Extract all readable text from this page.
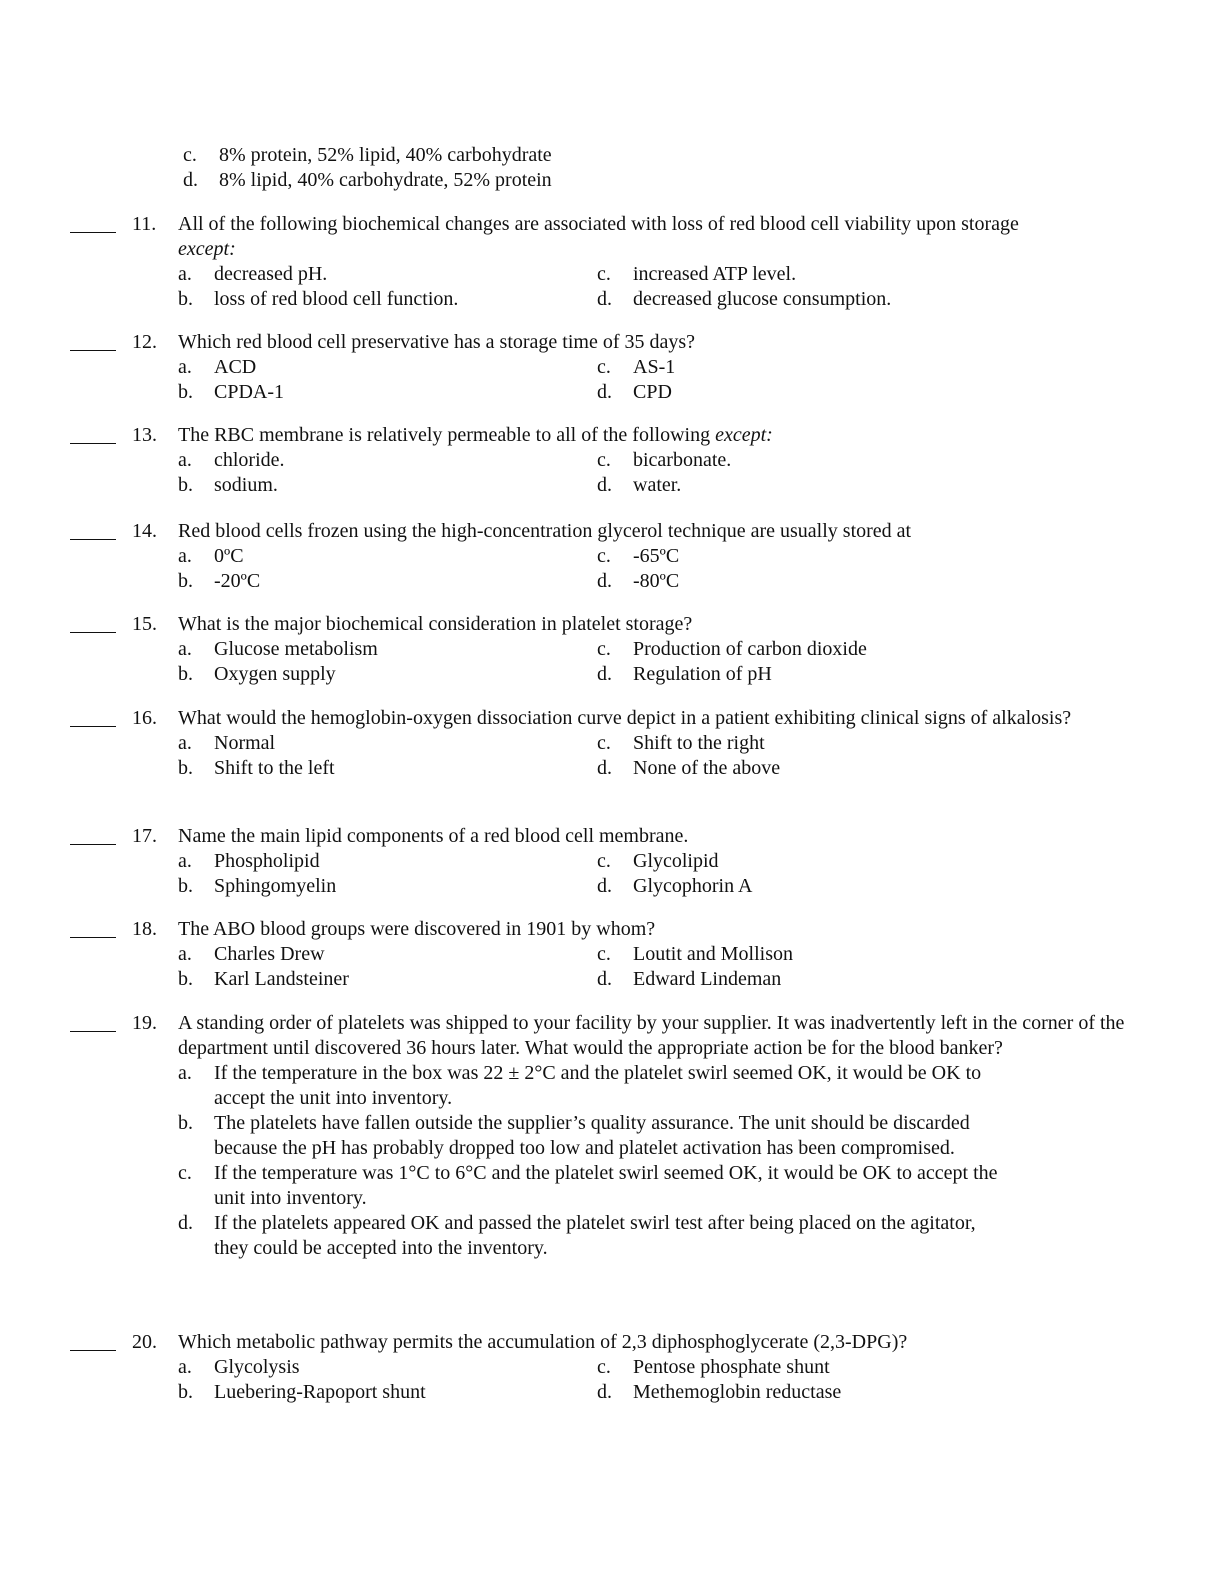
c. 8% protein, 52% lipid, 40% carbohydrate
d. 8% lipid, 40% carbohydrate, 52% protein
11. All of the following biochemical changes are associated with loss of red blood cell viability upon storage
except:
a. decreased pH.
b. loss of red blood cell function.
c. increased ATP level.
d. decreased glucose consumption.
12. Which red blood cell preservative has a storage time of 35 days?
a. ACD
b. CPDA-1
c. AS-1
d. CPD
13. The RBC membrane is relatively permeable to all of the following except:
a. chloride.
b. sodium.
c. bicarbonate.
d. water.
14. Red blood cells frozen using the high-concentration glycerol technique are usually stored at
a. 0ºC
b. -20ºC
c. -65ºC
d. -80ºC
15. What is the major biochemical consideration in platelet storage?
a. Glucose metabolism
b. Oxygen supply
c. Production of carbon dioxide
d. Regulation of pH
16. What would the hemoglobin-oxygen dissociation curve depict in a patient exhibiting clinical signs of alkalosis?
a. Normal
b. Shift to the left
c. Shift to the right
d. None of the above
17. Name the main lipid components of a red blood cell membrane.
a. Phospholipid
b. Sphingomyelin
c. Glycolipid
d. Glycophorin A
18. The ABO blood groups were discovered in 1901 by whom?
a. Charles Drew
b. Karl Landsteiner
c. Loutit and Mollison
d. Edward Lindeman
19. A standing order of platelets was shipped to your facility by your supplier. It was inadvertently left in the corner of the department until discovered 36 hours later. What would the appropriate action be for the blood banker?
a.	If the temperature in the box was 22 ± 2°C and the platelet swirl seemed OK, it would be OK to accept the unit into inventory.
b.	The platelets have fallen outside the supplier’s quality assurance. The unit should be discarded because the pH has probably dropped too low and platelet activation has been compromised.
c.	If the temperature was 1°C to 6°C and the platelet swirl seemed OK, it would be OK to accept the unit into inventory.
d.	If the platelets appeared OK and passed the platelet swirl test after being placed on the agitator, they could be accepted into the inventory.
20. Which metabolic pathway permits the accumulation of 2,3 diphosphoglycerate (2,3-DPG)?
a. Glycolysis
b. Luebering-Rapoport shunt
c. Pentose phosphate shunt
d. Methemoglobin reductase
